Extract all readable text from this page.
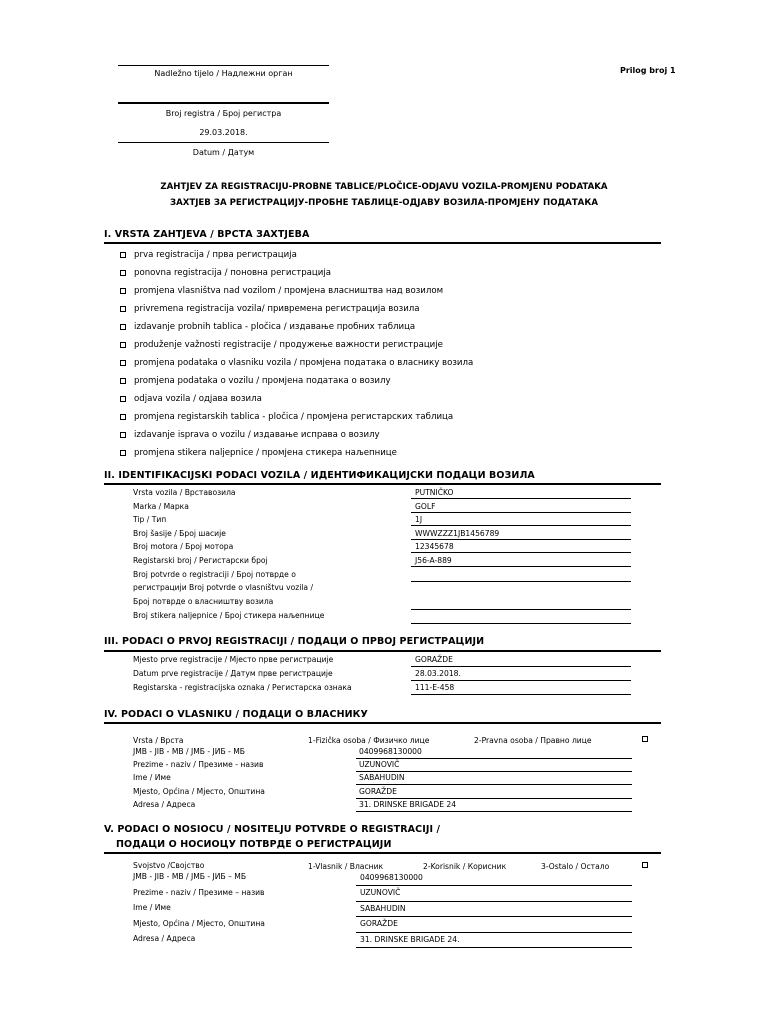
Nadležno tijelo / Надлежни орган	Prilog broj 1
Broj registra / Број регистра
29.03.2018.
Datum / Датум
ZAHTJEV ZA REGISTRACIJU-PROBNE TABLICE/PLOČICE-ODJAVU VOZILA-PROMJENU PODATAKA
ЗАХТЈЕВ ЗА РЕГИСТРАЦИЈУ-ПРОБНЕ ТАБЛИЦЕ-ОДЈАВУ ВОЗИЛА-ПРОМЈЕНУ ПОДАТАКА
I. VRSTA ZAHTJEVA / ВРСТА ЗАХТЈЕВА
prva registracija / прва регистрација
ponovna registracija / поновна регистрација
promjena vlasništva nad vozilom / промјена власништва над возилом
privremena registracija vozila/ привремена регистрација возила
izdavanje probnih tablica - pločica / издавање пробних таблица
produženje važnosti registracije / продужење важности регистрације
promjena podataka o vlasniku vozila / промјена података о власнику возила
promjena podataka o vozilu / промјена података о возилу
odjava vozila / одјава возила
promjena registarskih tablica - pločica / промјена регистарских таблица
izdavanje isprava o vozilu / издавање исправа о возилу
promjena stikera naljepnice / промјена стикера наљепнице
II. IDENTIFIKACIJSKI PODACI VOZILA / ИДЕНТИФИКАЦИЈСКИ ПОДАЦИ ВОЗИЛА
Vrsta vozila / Врставозила	PUTNIČKO
Marka / Марка	GOLF
Tip / Тип	1J
Broj šasije / Број шасије	WWWZZZ1JB1456789
Broj motora / Број мотора	12345678
Registarski broj / Регистарски број	J56-A-889
Broj potvrde o registraciji / Број потврде о
регистрацији Broj potvrde o vlasništvu vozila /
Број потврде о власништву возила
Broj stikera naljepnice / Број стикера наљепнице
III. PODACI O PRVOJ REGISTRACIJI / ПОДАЦИ О ПРВОЈ РЕГИСТРАЦИЈИ
Mjesto prve registracije / Мјесто прве регистрације	GORAŽDE
Datum prve registracije / Датум прве регистрације	28.03.2018.
Registarska - registracijska oznaka / Регистарска ознака	111-E-458
IV. PODACI O VLASNIKU / ПОДАЦИ О ВЛАСНИКУ
Vrsta / Врста	1-Fizička osoba / Физичко лице	2-Pravna osoba / Правно лице
JMB - JIB - MB / ЈМБ - ЈИБ - МБ	0409968130000
Prezime - naziv / Презиме - назив	UZUNOVIČ
Ime / Име	SABAHUDIN
Mjesto, Općina / Мјесто, Општина	GORAŽDE
Adresa / Адреса	31. DRINSKE BRIGADE 24
V. PODACI O NOSIOCU / NOSITELJU POTVRDE O REGISTRACIJI /
ПОДАЦИ О НОСИОЦУ ПОТВРДЕ О РЕГИСТРАЦИЈИ
Svojstvo /Својство	1-Vlasnik / Власник	2-Korisnik / Корисник	3-Ostalo / Остало
JMB - JIB - MB / ЈМБ - ЈИБ – МБ	0409968130000
Prezime - naziv / Презиме – назив	UZUNOVIČ
Ime / Име	SABAHUDIN
Mjesto, Općina / Мјесто, Општина	GORAŽDE
Adresa / Адреса	31. DRINSKE BRIGADE 24.
